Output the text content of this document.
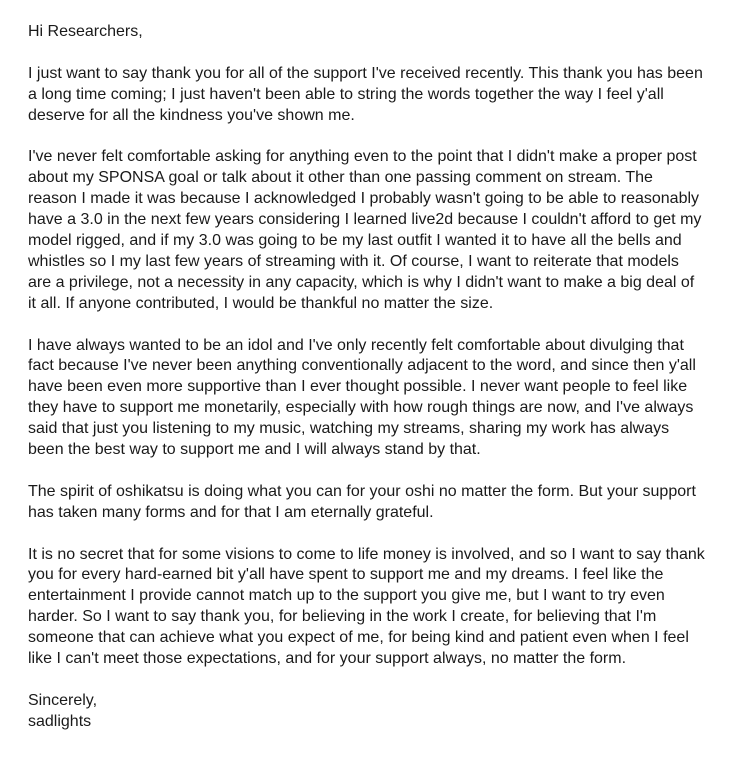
Hi Researchers,

I just want to say thank you for all of the support I've received recently. This thank you has been
a long time coming; I just haven't been able to string the words together the way I feel y'all
deserve for all the kindness you've shown me.

I've never felt comfortable asking for anything even to the point that I didn't make a proper post
about my SPONSA goal or talk about it other than one passing comment on stream. The
reason I made it was because I acknowledged I probably wasn't going to be able to reasonably
have a 3.0 in the next few years considering I learned live2d because I couldn't afford to get my
model rigged, and if my 3.0 was going to be my last outfit I wanted it to have all the bells and
whistles so I my last few years of streaming with it. Of course, I want to reiterate that models
are a privilege, not a necessity in any capacity, which is why I didn't want to make a big deal of
it all. If anyone contributed, I would be thankful no matter the size.

I have always wanted to be an idol and I've only recently felt comfortable about divulging that
fact because I've never been anything conventionally adjacent to the word, and since then y'all
have been even more supportive than I ever thought possible. I never want people to feel like
they have to support me monetarily, especially with how rough things are now, and I've always
said that just you listening to my music, watching my streams, sharing my work has always
been the best way to support me and I will always stand by that.

The spirit of oshikatsu is doing what you can for your oshi no matter the form. But your support
has taken many forms and for that I am eternally grateful.

It is no secret that for some visions to come to life money is involved, and so I want to say thank
you for every hard-earned bit y'all have spent to support me and my dreams. I feel like the
entertainment I provide cannot match up to the support you give me, but I want to try even
harder. So I want to say thank you, for believing in the work I create, for believing that I'm
someone that can achieve what you expect of me, for being kind and patient even when I feel
like I can't meet those expectations, and for your support always, no matter the form.

Sincerely,

sadlights
